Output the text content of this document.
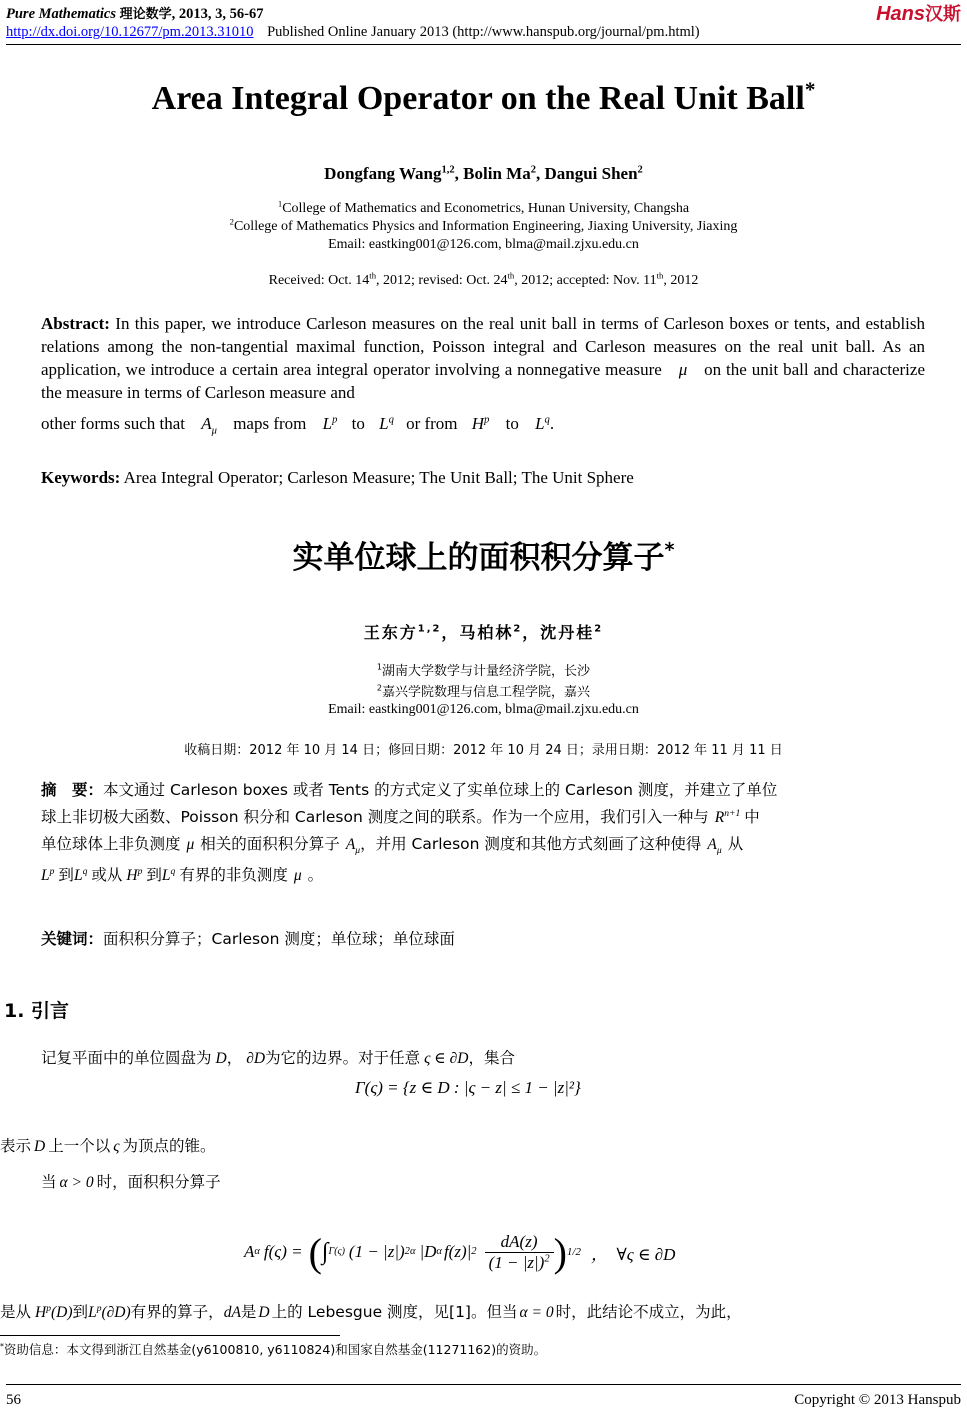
Pure Mathematics 理论数学, 2013, 3, 56-67
http://dx.doi.org/10.12677/pm.2013.31010 Published Online January 2013 (http://www.hanspub.org/journal/pm.html)
Hans汉斯
Area Integral Operator on the Real Unit Ball*
Dongfang Wang$^{1,2}$, Bolin Ma$^2$, Dangui Shen$^2$
$^1$College of Mathematics and Econometrics, Hunan University, Changsha
$^2$College of Mathematics Physics and Information Engineering, Jiaxing University, Jiaxing
Email: eastking001@126.com, blma@mail.zjxu.edu.cn
Received: Oct. 14th, 2012; revised: Oct. 24th, 2012; accepted: Nov. 11th, 2012
Abstract: In this paper, we introduce Carleson measures on the real unit ball in terms of Carleson boxes or tents, and establish relations among the non-tangential maximal function, Poisson integral and Carleson measures on the real unit ball. As an application, we introduce a certain area integral operator involving a nonnegative measure μ on the unit ball and characterize the measure in terms of Carleson measure and
other forms such that $A_\mu$ maps from $L^p$ to $L^q$ or from $H^p$ to $L^q$.
Keywords: Area Integral Operator; Carleson Measure; The Unit Ball; The Unit Sphere
实单位球上的面积积分算子*
王东方$^{1,2}$，马柏林$^2$，沈丹桂$^2$
$^1$湖南大学数学与计量经济学院，长沙
$^2$嘉兴学院数理与信息工程学院，嘉兴
Email: eastking001@126.com, blma@mail.zjxu.edu.cn
收稿日期：2012 年 10 月 14 日；修回日期：2012 年 10 月 24 日；录用日期：2012 年 11 月 11 日
摘　要：本文通过 Carleson boxes 或者 Tents 的方式定义了实单位球上的 Carleson 测度，并建立了单位
球上非切极大函数、Poisson 积分和 Carleson 测度之间的联系。作为一个应用，我们引入一种与 $R^{n+1}$ 中
单位球体上非负测度 μ 相关的面积积分算子 $A_\mu$，并用 Carleson 测度和其他方式刻画了这种使得 $A_\mu$ 从
$L^p$ 到$L^q$ 或从 $H^p$ 到$L^q$ 有界的非负测度 μ 。
关键词：面积积分算子；Carleson 测度；单位球；单位球面
1. 引言
记复平面中的单位圆盘为 D， ∂D为它的边界。对于任意 ς ∈ ∂D，集合
Γ(ς) = {z ∈ D : |ς − z| ≤ 1 − |z|²}
表示 D 上一个以 ς 为顶点的锥。
当 α > 0 时，面积积分算子
A α f(ς) = ( ∫ Γ(ς) (1 − |z|) 2α |D α f(z)| $2 \frac{dA(z)}{(1 - |z|)^2}$ ) 1/2 ，　∀ς ∈ ∂D
是从 $H^p(D)$到$L^p(\partial D)$有界的算子，dA是 D 上的 Lebesgue 测度，见[1]。但当 α = 0 时，此结论不成立，为此，
*资助信息：本文得到浙江自然基金(y6100810, y6110824)和国家自然基金(11271162)的资助。
56	Copyright © 2013 Hanspub
